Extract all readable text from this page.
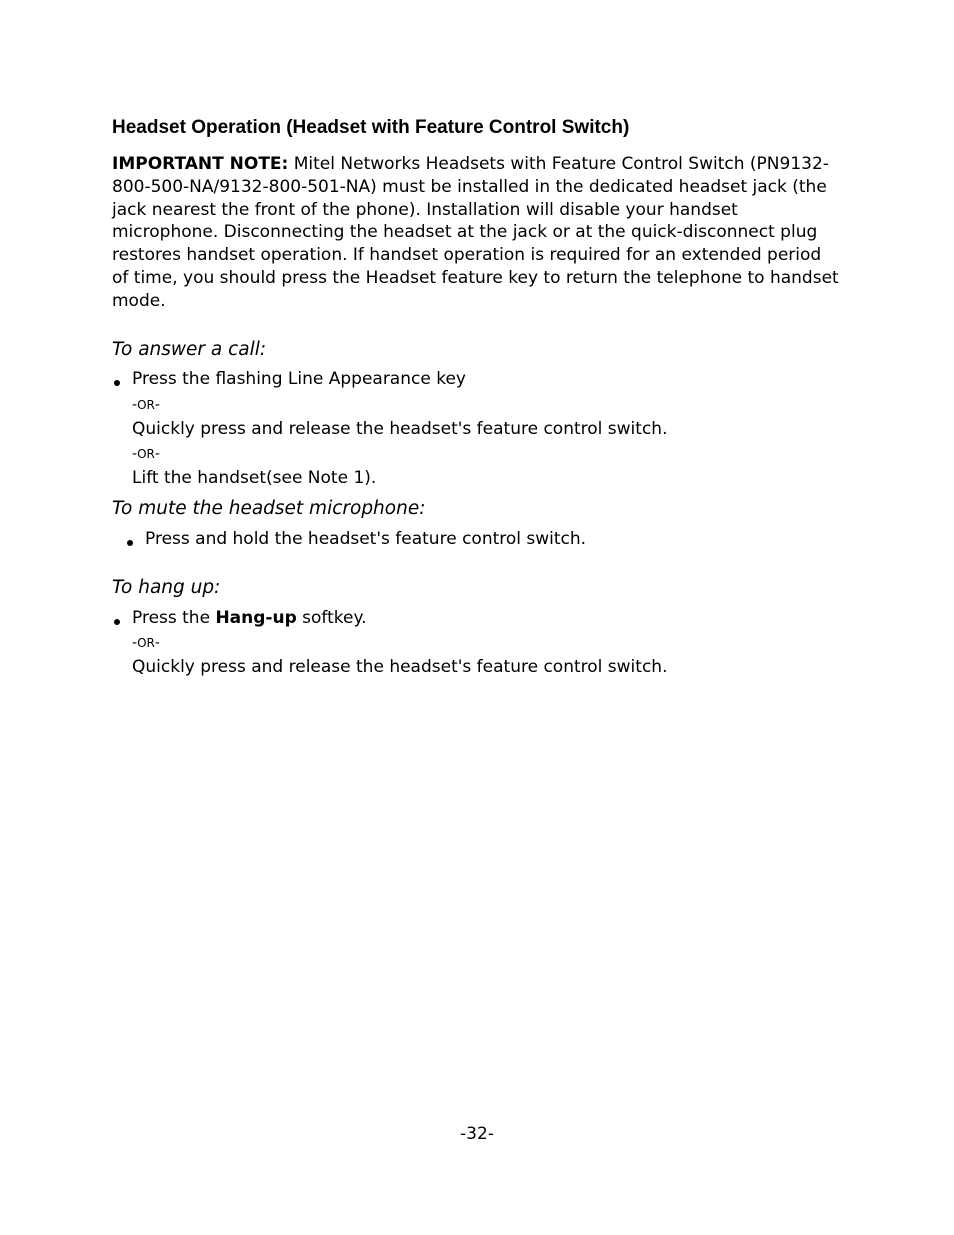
Headset Operation (Headset with Feature Control Switch)

IMPORTANT NOTE: Mitel Networks Headsets with Feature Control Switch (PN9132-800-500-NA/9132-800-501-NA) must be installed in the dedicated headset jack (the jack nearest the front of the phone). Installation will disable your handset microphone. Disconnecting the headset at the jack or at the quick-disconnect plug restores handset operation. If handset operation is required for an extended period of time, you should press the Headset feature key to return the telephone to handset mode.

To answer a call:

Press the flashing Line Appearance key

-OR-

Quickly press and release the headset's feature control switch.

-OR-

Lift the handset(see Note 1).

To mute the headset microphone:

Press and hold the headset's feature control switch.

To hang up:

Press the Hang-up softkey.

-OR-

Quickly press and release the headset's feature control switch.

-32-
